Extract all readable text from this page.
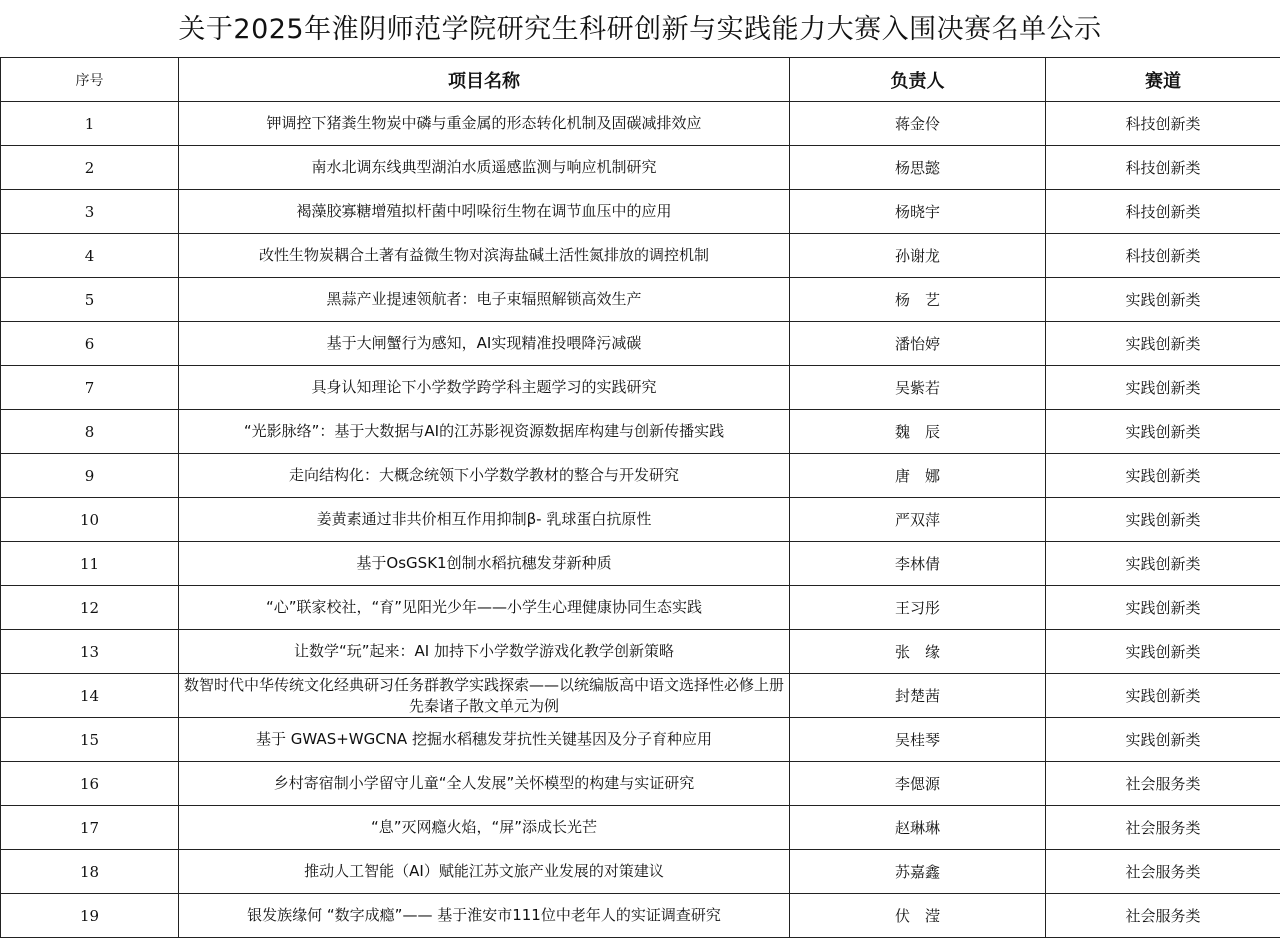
关于2025年淮阴师范学院研究生科研创新与实践能力大赛入围决赛名单公示
序号	项目名称	负责人	赛道
1	钾调控下猪粪生物炭中磷与重金属的形态转化机制及固碳减排效应	蒋金伶	科技创新类
2	南水北调东线典型湖泊水质遥感监测与响应机制研究	杨思懿	科技创新类
3	褐藻胶寡糖增殖拟杆菌中吲哚衍生物在调节血压中的应用	杨晓宇	科技创新类
4	改性生物炭耦合土著有益微生物对滨海盐碱土活性氮排放的调控机制	孙谢龙	科技创新类
5	黑蒜产业提速领航者：电子束辐照解锁高效生产	杨　艺	实践创新类
6	基于大闸蟹行为感知，AI实现精准投喂降污减碳	潘怡婷	实践创新类
7	具身认知理论下小学数学跨学科主题学习的实践研究	吴紫若	实践创新类
8	“光影脉络”：基于大数据与AI的江苏影视资源数据库构建与创新传播实践	魏　辰	实践创新类
9	走向结构化：大概念统领下小学数学教材的整合与开发研究	唐　娜	实践创新类
10	姜黄素通过非共价相互作用抑制β- 乳球蛋白抗原性	严双萍	实践创新类
11	基于OsGSK1创制水稻抗穗发芽新种质	李林倩	实践创新类
12	“心”联家校社，“育”见阳光少年——小学生心理健康协同生态实践	王习彤	实践创新类
13	让数学“玩”起来：AI 加持下小学数学游戏化教学创新策略	张　缘	实践创新类
14	数智时代中华传统文化经典研习任务群教学实践探索——以统编版高中语文选择性必修上册先秦诸子散文单元为例	封楚茜	实践创新类
15	基于 GWAS+WGCNA 挖掘水稻穗发芽抗性关键基因及分子育种应用	吴桂琴	实践创新类
16	乡村寄宿制小学留守儿童“全人发展”关怀模型的构建与实证研究	李偲源	社会服务类
17	“息”灭网瘾火焰，“屏”添成长光芒	赵琳琳	社会服务类
18	推动人工智能（AI）赋能江苏文旅产业发展的对策建议	苏嘉鑫	社会服务类
19	银发族缘何 “数字成瘾”—— 基于淮安市111位中老年人的实证调查研究	伏　滢	社会服务类
